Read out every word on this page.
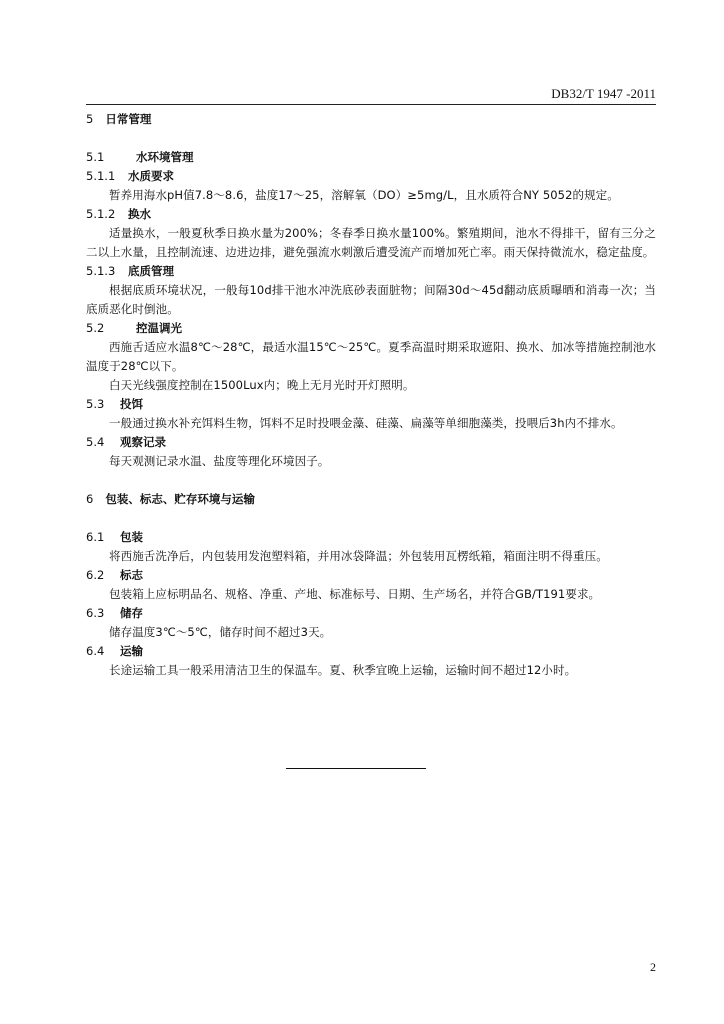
DB32/T 1947 -2011
5 日常管理
5.1	水环境管理
5.1.1 水质要求
暂养用海水pH值7.8～8.6，盐度17～25，溶解氧（DO）≥5mg/L，且水质符合NY 5052的规定。
5.1.2 换水
适量换水，一般夏秋季日换水量为200%；冬春季日换水量100%。繁殖期间，池水不得排干，留有三分之二以上水量，且控制流速、边进边排，避免强流水刺激后遭受流产而增加死亡率。雨天保持微流水，稳定盐度。
5.1.3 底质管理
根据底质环境状况，一般每10d排干池水冲洗底砂表面脏物；间隔30d～45d翻动底质曝晒和消毒一次；当底质恶化时倒池。
5.2	控温调光
西施舌适应水温8℃～28℃，最适水温15℃～25℃。夏季高温时期采取遮阳、换水、加冰等措施控制池水温度于28℃以下。
白天光线强度控制在1500Lux内；晚上无月光时开灯照明。
5.3 投饵
一般通过换水补充饵料生物，饵料不足时投喂金藻、硅藻、扁藻等单细胞藻类，投喂后3h内不排水。
5.4 观察记录
每天观测记录水温、盐度等理化环境因子。
6 包装、标志、贮存环境与运输
6.1 包装
将西施舌洗净后，内包装用发泡塑料箱，并用冰袋降温；外包装用瓦楞纸箱，箱面注明不得重压。
6.2 标志
包装箱上应标明品名、规格、净重、产地、标准标号、日期、生产场名，并符合GB/T191要求。
6.3 储存
储存温度3℃～5℃，储存时间不超过3天。
6.4 运输
长途运输工具一般采用清洁卫生的保温车。夏、秋季宜晚上运输，运输时间不超过12小时。
2
